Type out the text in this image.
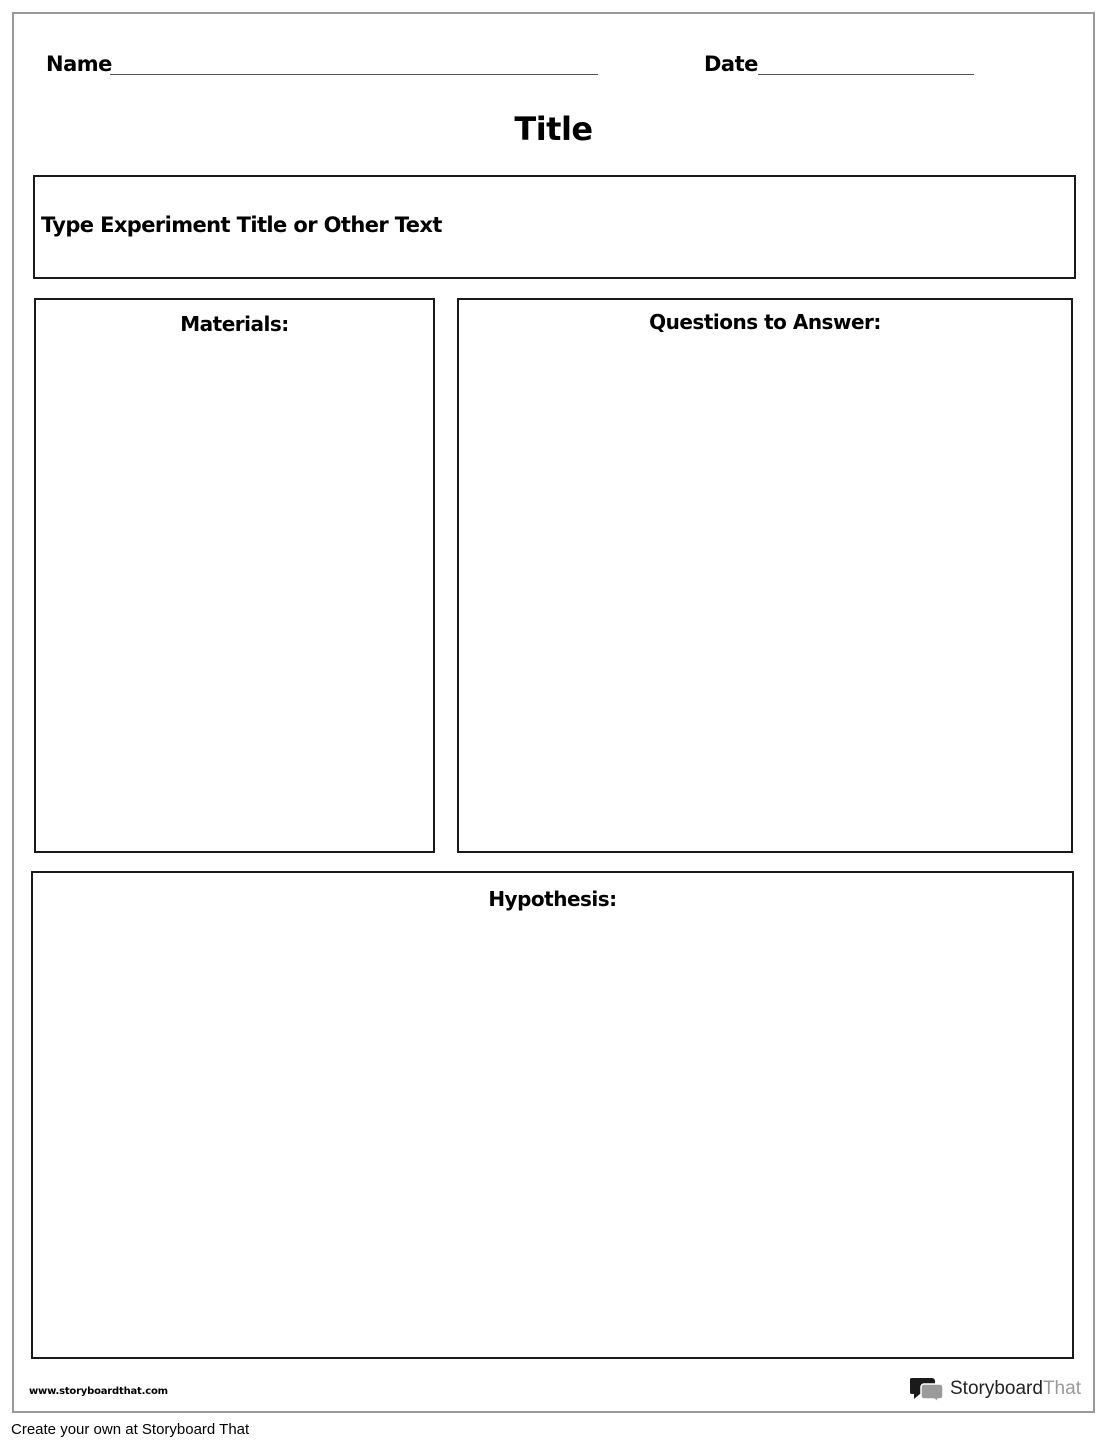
Name	Date
Title
Type Experiment Title or Other Text
Materials:	Questions to Answer:
Hypothesis:
www.storyboardthat.com	StoryboardThat
Create your own at Storyboard That
